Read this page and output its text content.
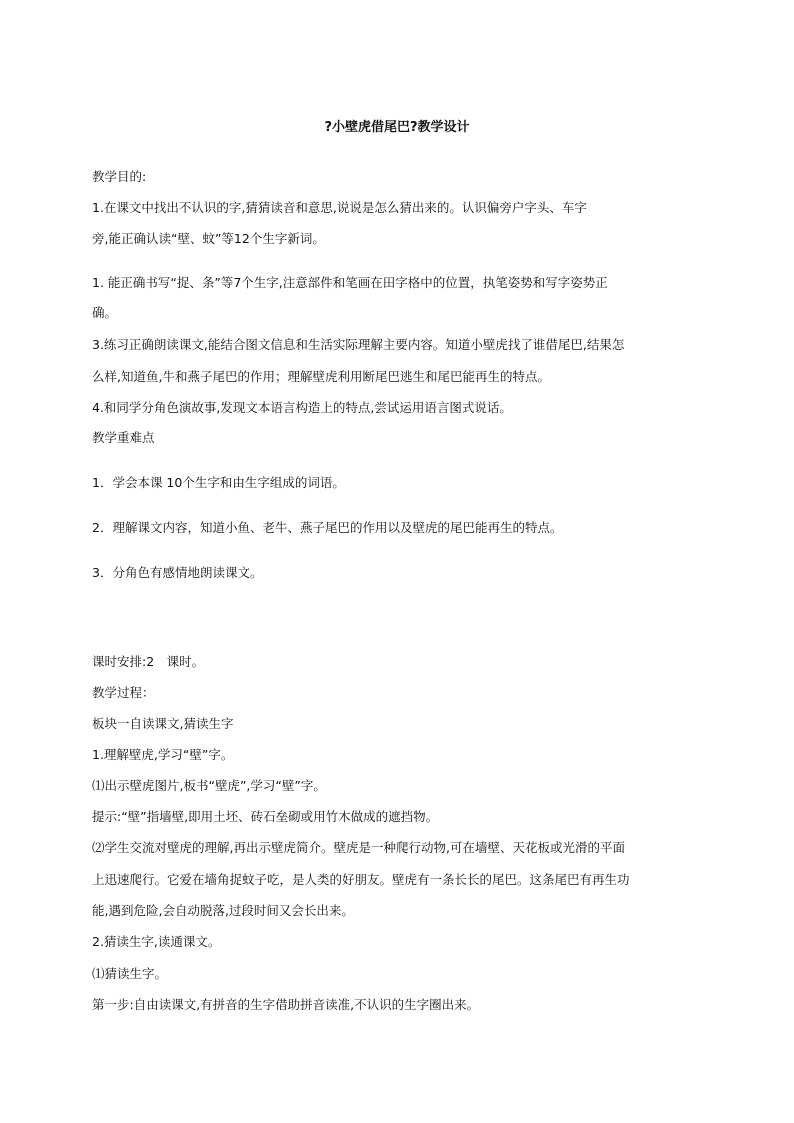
?小壁虎借尾巴?教学设计
教学目的:
1.在课文中找出不认识的字,猜猜读音和意思,说说是怎么猜出来的。认识偏旁户字头、车字
旁,能正确认读“壁、蚊”等12个生字新词。
1. 能正确书写“捉、条”等7个生字,注意部件和笔画在田字格中的位置，执笔姿势和写字姿势正
确。
3.练习正确朗读课文,能结合图文信息和生活实际理解主要内容。知道小壁虎找了谁借尾巴,结果怎
么样,知道鱼,牛和燕子尾巴的作用；理解壁虎利用断尾巴逃生和尾巴能再生的特点。
4.和同学分角色演故事,发现文本语言构造上的特点,尝试运用语言图式说话。
教学重难点
1．学会本课 10个生字和由生字组成的词语。
2．理解课文内容，知道小鱼、老牛、燕子尾巴的作用以及壁虎的尾巴能再生的特点。
3．分角色有感情地朗读课文。
课时安排:2　课时。
教学过程：
板块一自读课文,猜读生字
1.理解壁虎,学习“壁”字。
⑴出示壁虎图片,板书“壁虎”,学习“壁”字。
提示:“壁”指墙壁,即用土坯、砖石垒砌或用竹木做成的遮挡物。
⑵学生交流对壁虎的理解,再出示壁虎简介。壁虎是一种爬行动物,可在墙壁、天花板或光滑的平面
上迅速爬行。它爱在墙角捉蚊子吃，是人类的好朋友。壁虎有一条长长的尾巴。这条尾巴有再生功
能,遇到危险,会自动脱落,过段时间又会长出来。
2.猜读生字,读通课文。
⑴猜读生字。
第一步:自由读课文,有拼音的生字借助拼音读准,不认识的生字圈出来。
